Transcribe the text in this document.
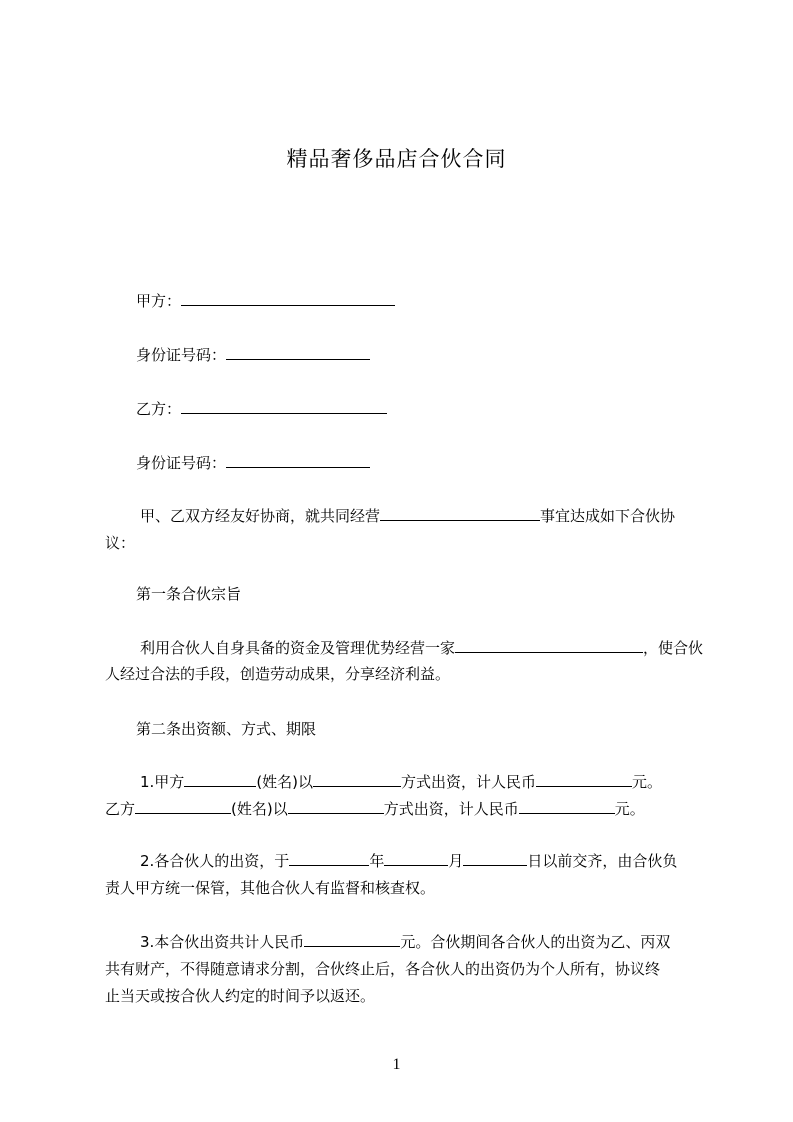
精品奢侈品店合伙合同
甲方：
身份证号码：
乙方：
身份证号码：
甲、乙双方经友好协商，就共同经营	事宜达成如下合伙协
议：
第一条合伙宗旨
利用合伙人自身具备的资金及管理优势经营一家	，使合伙
人经过合法的手段，创造劳动成果，分享经济利益。
第二条出资额、方式、期限
1.甲方	(姓名)以	方式出资，计人民币	元。
乙方	(姓名)以	方式出资，计人民币	元。
2.各合伙人的出资，于	年	月	日以前交齐，由合伙负
责人甲方统一保管，其他合伙人有监督和核查权。
3.本合伙出资共计人民币	元。合伙期间各合伙人的出资为乙、丙双
共有财产，不得随意请求分割，合伙终止后，各合伙人的出资仍为个人所有，协议终
止当天或按合伙人约定的时间予以返还。
1
